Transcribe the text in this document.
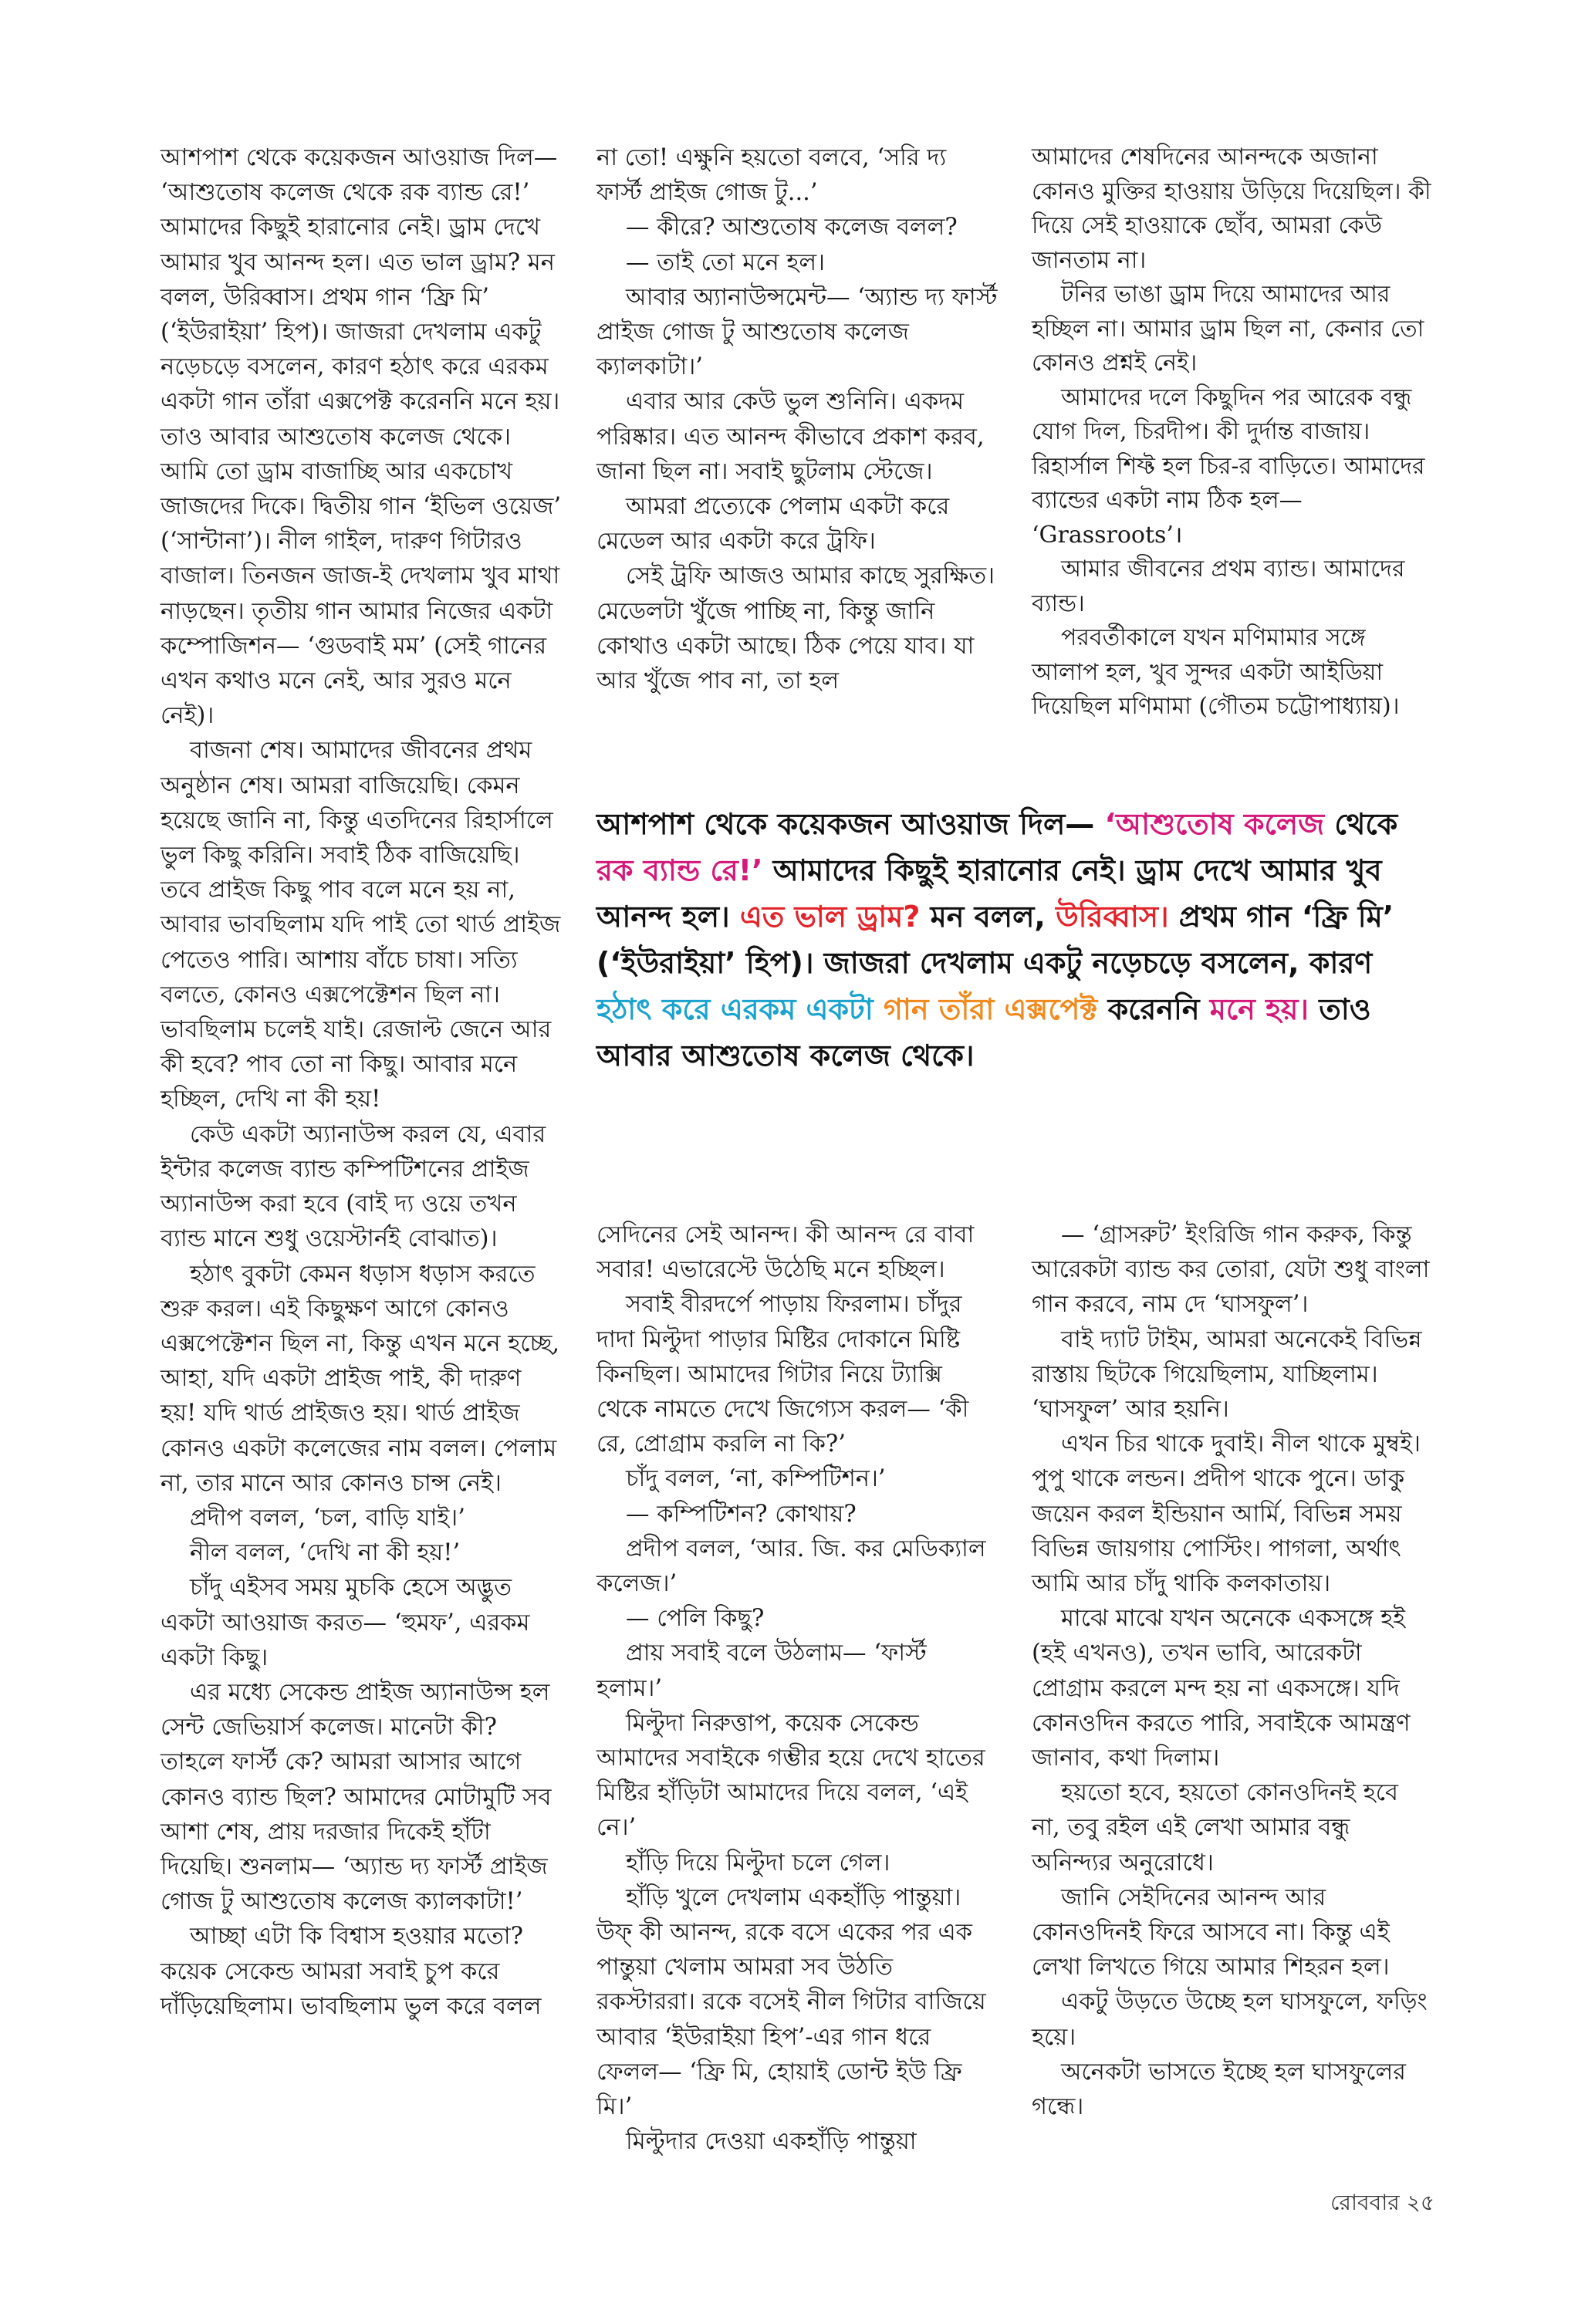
আশপাশ থেকে কয়েকজন আওয়াজ দিল— ‘আশুতোষ কলেজ থেকে রক ব্যান্ড রে!’ আমাদের কিছুই হারানোর নেই। ড্রাম দেখে আমার খুব আনন্দ হল। এত ভাল ড্রাম? মন বলল, উরিব্বাস। প্রথম গান ‘ফ্রি মি’ (‘ইউরাইয়া’ হিপ)। জাজরা দেখলাম একটু নড়েচড়ে বসলেন, কারণ হঠাৎ করে এরকম একটা গান তাঁরা এক্সপেক্ট করেননি মনে হয়। তাও আবার আশুতোষ কলেজ থেকে। আমি তো ড্রাম বাজাচ্ছি আর একচোখ জাজদের দিকে। দ্বিতীয় গান ‘ইভিল ওয়েজ’ (‘সান্টানা’)। নীল গাইল, দারুণ গিটারও বাজাল। তিনজন জাজ-ই দেখলাম খুব মাথা নাড়ছেন। তৃতীয় গান আমার নিজের একটা কম্পোজিশন— ‘গুডবাই মম’ (সেই গানের এখন কথাও মনে নেই, আর সুরও মনে নেই)।

বাজনা শেষ। আমাদের জীবনের প্রথম অনুষ্ঠান শেষ। আমরা বাজিয়েছি। কেমন হয়েছে জানি না, কিন্তু এতদিনের রিহার্সালে ভুল কিছু করিনি। সবাই ঠিক বাজিয়েছি। তবে প্রাইজ কিছু পাব বলে মনে হয় না, আবার ভাবছিলাম যদি পাই তো থার্ড প্রাইজ পেতেও পারি। আশায় বাঁচে চাষা। সত্যি বলতে, কোনও এক্সপেক্টেশন ছিল না। ভাবছিলাম চলেই যাই। রেজাল্ট জেনে আর কী হবে? পাব তো না কিছু। আবার মনে হচ্ছিল, দেখি না কী হয়!

কেউ একটা অ্যানাউন্স করল যে, এবার ইন্টার কলেজ ব্যান্ড কম্পিটিশনের প্রাইজ অ্যানাউন্স করা হবে (বাই দ্য ওয়ে তখন ব্যান্ড মানে শুধু ওয়েস্টার্নই বোঝাত)।

হঠাৎ বুকটা কেমন ধড়াস ধড়াস করতে শুরু করল। এই কিছুক্ষণ আগে কোনও এক্সপেক্টেশন ছিল না, কিন্তু এখন মনে হচ্ছে, আহা, যদি একটা প্রাইজ পাই, কী দারুণ হয়! যদি থার্ড প্রাইজও হয়। থার্ড প্রাইজ কোনও একটা কলেজের নাম বলল। পেলাম না, তার মানে আর কোনও চান্স নেই।

প্রদীপ বলল, ‘চল, বাড়ি যাই।’

নীল বলল, ‘দেখি না কী হয়!’

চাঁদু এইসব সময় মুচকি হেসে অদ্ভুত একটা আওয়াজ করত— ‘হুমফ’, এরকম একটা কিছু।

এর মধ্যে সেকেন্ড প্রাইজ অ্যানাউন্স হল সেন্ট জেভিয়ার্স কলেজ। মানেটা কী? তাহলে ফার্স্ট কে? আমরা আসার আগে কোনও ব্যান্ড ছিল? আমাদের মোটামুটি সব আশা শেষ, প্রায় দরজার দিকেই হাঁটা দিয়েছি। শুনলাম— ‘অ্যান্ড দ্য ফার্স্ট প্রাইজ গোজ টু আশুতোষ কলেজ ক্যালকাটা!’

আচ্ছা এটা কি বিশ্বাস হওয়ার মতো? কয়েক সেকেন্ড আমরা সবাই চুপ করে দাঁড়িয়েছিলাম। ভাবছিলাম ভুল করে বলল

না তো! এক্ষুনি হয়তো বলবে, ‘সরি দ্য ফার্স্ট প্রাইজ গোজ টু...’

— কীরে? আশুতোষ কলেজ বলল?

— তাই তো মনে হল।

আবার অ্যানাউন্সমেন্ট— ‘অ্যান্ড দ্য ফার্স্ট প্রাইজ গোজ টু আশুতোষ কলেজ ক্যালকাটা।’

এবার আর কেউ ভুল শুনিনি। একদম পরিষ্কার। এত আনন্দ কীভাবে প্রকাশ করব, জানা ছিল না। সবাই ছুটলাম স্টেজে।

আমরা প্রত্যেকে পেলাম একটা করে মেডেল আর একটা করে ট্রফি।

সেই ট্রফি আজও আমার কাছে সুরক্ষিত। মেডেলটা খুঁজে পাচ্ছি না, কিন্তু জানি কোথাও একটা আছে। ঠিক পেয়ে যাব। যা আর খুঁজে পাব না, তা হল

আমাদের শেষদিনের আনন্দকে অজানা কোনও মুক্তির হাওয়ায় উড়িয়ে দিয়েছিল। কী দিয়ে সেই হাওয়াকে ছোঁব, আমরা কেউ জানতাম না।

টনির ভাঙা ড্রাম দিয়ে আমাদের আর হচ্ছিল না। আমার ড্রাম ছিল না, কেনার তো কোনও প্রশ্নই নেই।

আমাদের দলে কিছুদিন পর আরেক বন্ধু যোগ দিল, চিরদীপ। কী দুর্দান্ত বাজায়। রিহার্সাল শিফ্ট হল চির-র বাড়িতে। আমাদের ব্যান্ডের একটা নাম ঠিক হল— ‘Grassroots’।

আমার জীবনের প্রথম ব্যান্ড। আমাদের ব্যান্ড।

পরবর্তীকালে যখন মণিমামার সঙ্গে আলাপ হল, খুব সুন্দর একটা আইডিয়া দিয়েছিল মণিমামা (গৌতম চট্টোপাধ্যায়)।

আশপাশ থেকে কয়েকজন আওয়াজ দিল— ‘আশুতোষ কলেজ থেকে রক ব্যান্ড রে!’ আমাদের কিছুই হারানোর নেই। ড্রাম দেখে আমার খুব আনন্দ হল। এত ভাল ড্রাম? মন বলল, উরিব্বাস। প্রথম গান ‘ফ্রি মি’ (‘ইউরাইয়া’ হিপ)। জাজরা দেখলাম একটু নড়েচড়ে বসলেন, কারণ হঠাৎ করে এরকম একটা গান তাঁরা এক্সপেক্ট করেননি মনে হয়। তাও আবার আশুতোষ কলেজ থেকে।

সেদিনের সেই আনন্দ। কী আনন্দ রে বাবা সবার! এভারেস্টে উঠেছি মনে হচ্ছিল।

সবাই বীরদর্পে পাড়ায় ফিরলাম। চাঁদুর দাদা মিল্টুদা পাড়ার মিষ্টির দোকানে মিষ্টি কিনছিল। আমাদের গিটার নিয়ে ট্যাক্সি থেকে নামতে দেখে জিগ্যেস করল— ‘কী রে, প্রোগ্রাম করলি না কি?’

চাঁদু বলল, ‘না, কম্পিটিশন।’

— কম্পিটিশন? কোথায়?

প্রদীপ বলল, ‘আর. জি. কর মেডিক্যাল কলেজ।’

— পেলি কিছু?

প্রায় সবাই বলে উঠলাম— ‘ফার্স্ট হলাম।’

মিল্টুদা নিরুত্তাপ, কয়েক সেকেন্ড আমাদের সবাইকে গম্ভীর হয়ে দেখে হাতের মিষ্টির হাঁড়িটা আমাদের দিয়ে বলল, ‘এই নে।’

হাঁড়ি দিয়ে মিল্টুদা চলে গেল।

হাঁড়ি খুলে দেখলাম একহাঁড়ি পান্তুয়া। উফ্ কী আনন্দ, রকে বসে একের পর এক পান্তুয়া খেলাম আমরা সব উঠতি রকস্টাররা। রকে বসেই নীল গিটার বাজিয়ে আবার ‘ইউরাইয়া হিপ’-এর গান ধরে ফেলল— ‘ফ্রি মি, হোয়াই ডোন্ট ইউ ফ্রি মি।’

মিল্টুদার দেওয়া একহাঁড়ি পান্তুয়া

— ‘গ্রাসরুট’ ইংরিজি গান করুক, কিন্তু আরেকটা ব্যান্ড কর তোরা, যেটা শুধু বাংলা গান করবে, নাম দে ‘ঘাসফুল’।

বাই দ্যাট টাইম, আমরা অনেকেই বিভিন্ন রাস্তায় ছিটকে গিয়েছিলাম, যাচ্ছিলাম। ‘ঘাসফুল’ আর হয়নি।

এখন চির থাকে দুবাই। নীল থাকে মুম্বই। পুপু থাকে লন্ডন। প্রদীপ থাকে পুনে। ডাকু জয়েন করল ইন্ডিয়ান আর্মি, বিভিন্ন সময় বিভিন্ন জায়গায় পোস্টিং। পাগলা, অর্থাৎ আমি আর চাঁদু থাকি কলকাতায়।

মাঝে মাঝে যখন অনেকে একসঙ্গে হই (হই এখনও), তখন ভাবি, আরেকটা প্রোগ্রাম করলে মন্দ হয় না একসঙ্গে। যদি কোনওদিন করতে পারি, সবাইকে আমন্ত্রণ জানাব, কথা দিলাম।

হয়তো হবে, হয়তো কোনওদিনই হবে না, তবু রইল এই লেখা আমার বন্ধু অনিন্দ্যর অনুরোধে।

জানি সেইদিনের আনন্দ আর কোনওদিনই ফিরে আসবে না। কিন্তু এই লেখা লিখতে গিয়ে আমার শিহরন হল।

একটু উড়তে উচ্ছে হল ঘাসফুলে, ফড়িং হয়ে।

অনেকটা ভাসতে ইচ্ছে হল ঘাসফুলের গন্ধে।

রোববার ২৫
